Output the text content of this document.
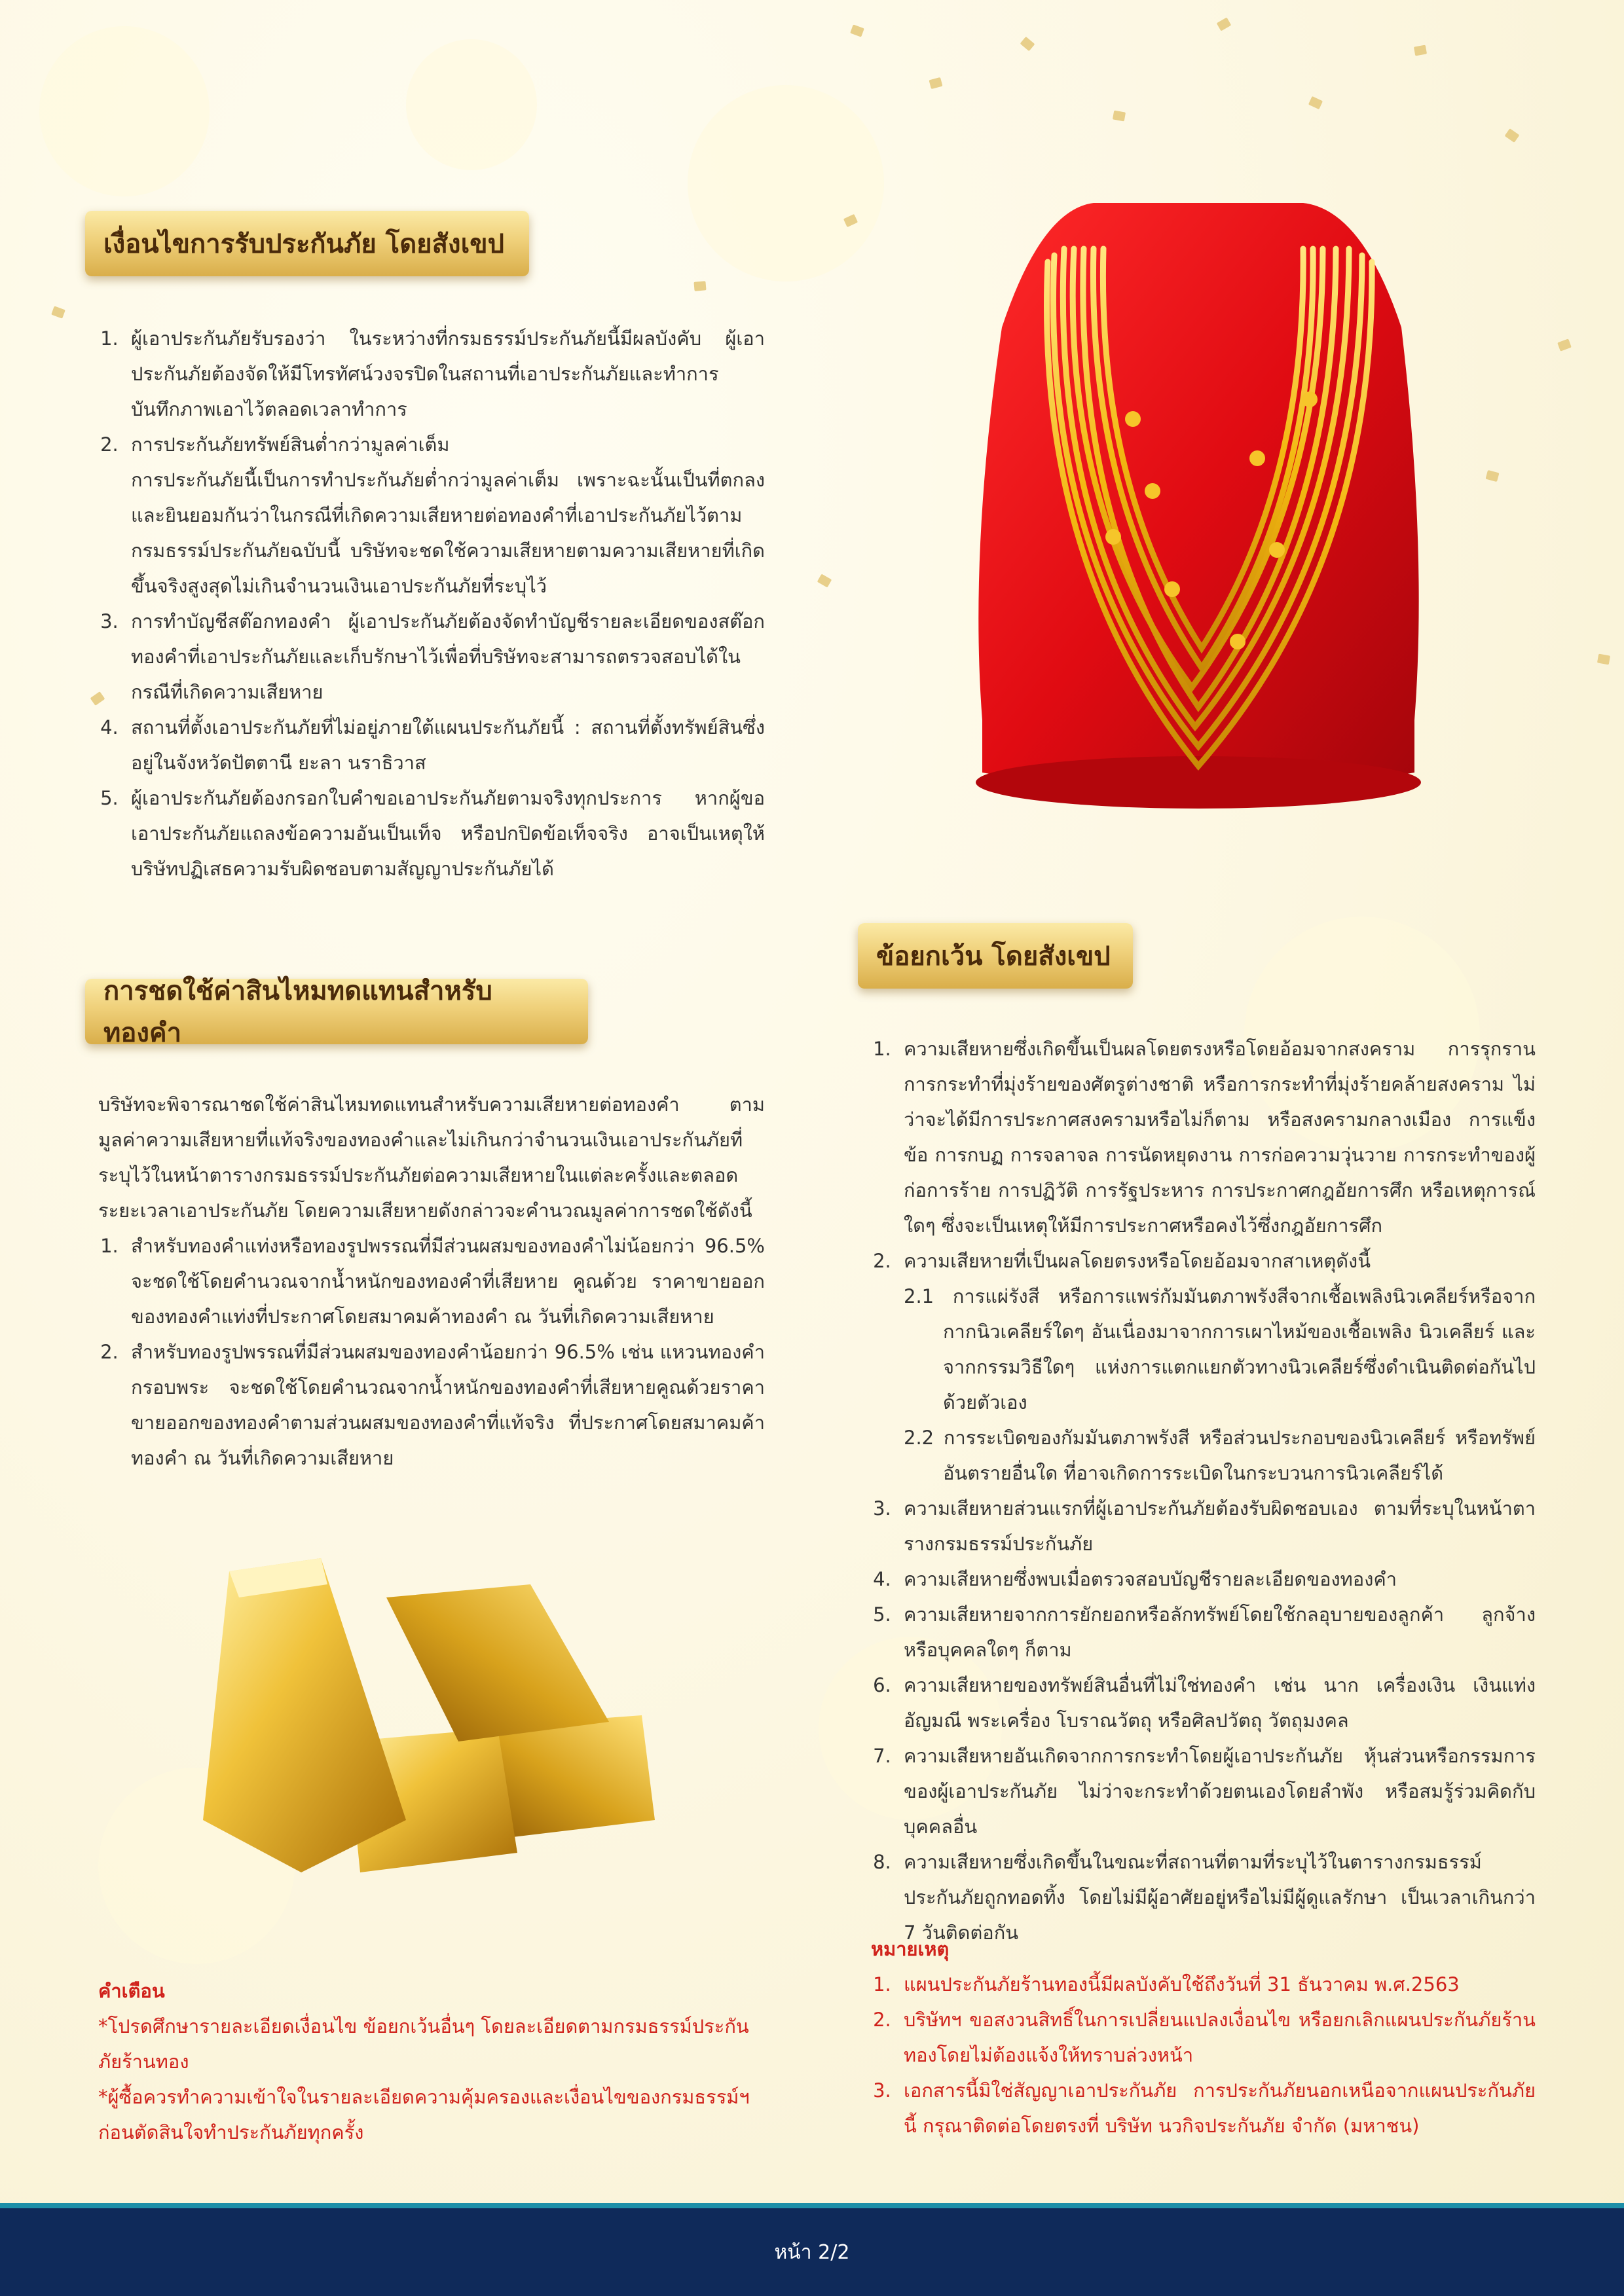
เงื่อนไขการรับประกันภัย โดยสังเขป
1. ผู้เอาประกันภัยรับรองว่า ในระหว่างที่กรมธรรม์ประกันภัยนี้มีผลบังคับ ผู้เอาประกันภัยต้องจัดให้มีโทรทัศน์วงจรปิดในสถานที่เอาประกันภัยและทำการบันทึกภาพเอาไว้ตลอดเวลาทำการ
2. การประกันภัยทรัพย์สินต่ำกว่ามูลค่าเต็ม
การประกันภัยนี้เป็นการทำประกันภัยต่ำกว่ามูลค่าเต็ม เพราะฉะนั้นเป็นที่ตกลงและยินยอมกันว่าในกรณีที่เกิดความเสียหายต่อทองคำที่เอาประกันภัยไว้ตามกรมธรรม์ประกันภัยฉบับนี้ บริษัทจะชดใช้ความเสียหายตามความเสียหายที่เกิดขึ้นจริงสูงสุดไม่เกินจำนวนเงินเอาประกันภัยที่ระบุไว้
3. การทำบัญชีสต๊อกทองคำ ผู้เอาประกันภัยต้องจัดทำบัญชีรายละเอียดของสต๊อกทองคำที่เอาประกันภัยและเก็บรักษาไว้เพื่อที่บริษัทจะสามารถตรวจสอบได้ในกรณีที่เกิดความเสียหาย
4. สถานที่ตั้งเอาประกันภัยที่ไม่อยู่ภายใต้แผนประกันภัยนี้ : สถานที่ตั้งทรัพย์สินซึ่งอยู่ในจังหวัดปัตตานี ยะลา นราธิวาส
5. ผู้เอาประกันภัยต้องกรอกใบคำขอเอาประกันภัยตามจริงทุกประการ หากผู้ขอเอาประกันภัยแถลงข้อความอันเป็นเท็จ หรือปกปิดข้อเท็จจริง อาจเป็นเหตุให้บริษัทปฏิเสธความรับผิดชอบตามสัญญาประกันภัยได้
การชดใช้ค่าสินไหมทดแทนสำหรับทองคำ

บริษัทจะพิจารณาชดใช้ค่าสินไหมทดแทนสำหรับความเสียหายต่อทองคำ ตามมูลค่าความเสียหายที่แท้จริงของทองคำและไม่เกินกว่าจำนวนเงินเอาประกันภัยที่ระบุไว้ในหน้าตารางกรมธรรม์ประกันภัยต่อความเสียหายในแต่ละครั้งและตลอดระยะเวลาเอาประกันภัย โดยความเสียหายดังกล่าวจะคำนวณมูลค่าการชดใช้ดังนี้

1. สำหรับทองคำแท่งหรือทองรูปพรรณที่มีส่วนผสมของทองคำไม่น้อยกว่า 96.5% จะชดใช้โดยคำนวณจากน้ำหนักของทองคำที่เสียหาย คูณด้วย ราคาขายออกของทองคำแท่งที่ประกาศโดยสมาคมค้าทองคำ ณ วันที่เกิดความเสียหาย
2. สำหรับทองรูปพรรณที่มีส่วนผสมของทองคำน้อยกว่า 96.5% เช่น แหวนทองคำ กรอบพระ จะชดใช้โดยคำนวณจากน้ำหนักของทองคำที่เสียหายคูณด้วยราคาขายออกของทองคำตามส่วนผสมของทองคำที่แท้จริง ที่ประกาศโดยสมาคมค้าทองคำ ณ วันที่เกิดความเสียหาย
คำเตือน
*โปรดศึกษารายละเอียดเงื่อนไข ข้อยกเว้นอื่นๆ โดยละเอียดตามกรมธรรม์ประกันภัยร้านทอง
*ผู้ซื้อควรทำความเข้าใจในรายละเอียดความคุ้มครองและเงื่อนไขของกรมธรรม์ฯ ก่อนตัดสินใจทำประกันภัยทุกครั้ง
ข้อยกเว้น โดยสังเขป
1. ความเสียหายซึ่งเกิดขึ้นเป็นผลโดยตรงหรือโดยอ้อมจากสงคราม การรุกราน การกระทำที่มุ่งร้ายของศัตรูต่างชาติ หรือการกระทำที่มุ่งร้ายคล้ายสงคราม ไม่ว่าจะได้มีการประกาศสงครามหรือไม่ก็ตาม หรือสงครามกลางเมือง การแข็งข้อ การกบฏ การจลาจล การนัดหยุดงาน การก่อความวุ่นวาย การกระทำของผู้ก่อการร้าย การปฏิวัติ การรัฐประหาร การประกาศกฎอัยการศึก หรือเหตุการณ์ใดๆ ซึ่งจะเป็นเหตุให้มีการประกาศหรือคงไว้ซึ่งกฎอัยการศึก
2. ความเสียหายที่เป็นผลโดยตรงหรือโดยอ้อมจากสาเหตุดังนี้
2.1 การแผ่รังสี หรือการแพร่กัมมันตภาพรังสีจากเชื้อเพลิงนิวเคลียร์หรือจากกากนิวเคลียร์ใดๆ อันเนื่องมาจากการเผาไหม้ของเชื้อเพลิง นิวเคลียร์ และจากกรรมวิธีใดๆ แห่งการแตกแยกตัวทางนิวเคลียร์ซึ่งดำเนินติดต่อกันไปด้วยตัวเอง
2.2 การระเบิดของกัมมันตภาพรังสี หรือส่วนประกอบของนิวเคลียร์ หรือทรัพย์อันตรายอื่นใด ที่อาจเกิดการระเบิดในกระบวนการนิวเคลียร์ได้
3. ความเสียหายส่วนแรกที่ผู้เอาประกันภัยต้องรับผิดชอบเอง ตามที่ระบุในหน้าตารางกรมธรรม์ประกันภัย
4. ความเสียหายซึ่งพบเมื่อตรวจสอบบัญชีรายละเอียดของทองคำ
5. ความเสียหายจากการยักยอกหรือลักทรัพย์โดยใช้กลอุบายของลูกค้า ลูกจ้าง หรือบุคคลใดๆ ก็ตาม
6. ความเสียหายของทรัพย์สินอื่นที่ไม่ใช่ทองคำ เช่น นาก เครื่องเงิน เงินแท่ง อัญมณี พระเครื่อง โบราณวัตถุ หรือศิลปวัตถุ วัตถุมงคล
7. ความเสียหายอันเกิดจากการกระทำโดยผู้เอาประกันภัย หุ้นส่วนหรือกรรมการของผู้เอาประกันภัย ไม่ว่าจะกระทำด้วยตนเองโดยลำพัง หรือสมรู้ร่วมคิดกับบุคคลอื่น
8. ความเสียหายซึ่งเกิดขึ้นในขณะที่สถานที่ตามที่ระบุไว้ในตารางกรมธรรม์ประกันภัยถูกทอดทิ้ง โดยไม่มีผู้อาศัยอยู่หรือไม่มีผู้ดูแลรักษา เป็นเวลาเกินกว่า 7 วันติดต่อกัน
หมายเหตุ
1. แผนประกันภัยร้านทองนี้มีผลบังคับใช้ถึงวันที่ 31 ธันวาคม พ.ศ.2563
2. บริษัทฯ ขอสงวนสิทธิ์ในการเปลี่ยนแปลงเงื่อนไข หรือยกเลิกแผนประกันภัยร้านทองโดยไม่ต้องแจ้งให้ทราบล่วงหน้า
3. เอกสารนี้มิใช่สัญญาเอาประกันภัย การประกันภัยนอกเหนือจากแผนประกันภัยนี้ กรุณาติดต่อโดยตรงที่ บริษัท นวกิจประกันภัย จำกัด (มหาชน)
หน้า 2/2
